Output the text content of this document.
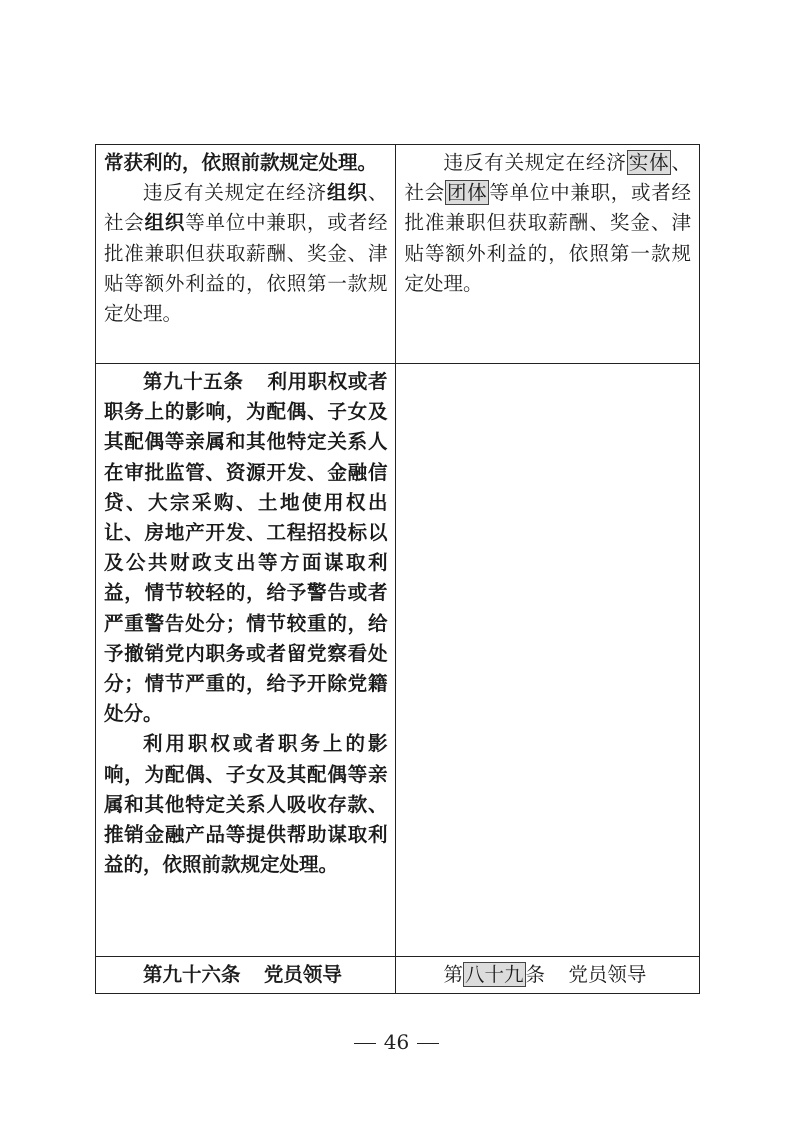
常获利的，依照前款规定处理。

违反有关规定在经济组织、社会组织等单位中兼职，或者经批准兼职但获取薪酬、奖金、津贴等额外利益的，依照第一款规定处理。	违反有关规定在经济 实体 、社会 团体 等单位中兼职，或者经批准兼职但获取薪酬、奖金、津贴等额外利益的，依照第一款规定处理。

第九十五条 利用职权或者职务上的影响，为配偶、子女及其配偶等亲属和其他特定关系人在审批监管、资源开发、金融信贷、大宗采购、土地使用权出让、房地产开发、工程招投标以及公共财政支出等方面谋取利益，情节较轻的，给予警告或者严重警告处分；情节较重的，给予撤销党内职务或者留党察看处分；情节严重的，给予开除党籍处分。

利用职权或者职务上的影响，为配偶、子女及其配偶等亲属和其他特定关系人吸收存款、推销金融产品等提供帮助谋取利益的，依照前款规定处理。	

第九十六条 党员领导	第 八十九 条 党员领导

46
